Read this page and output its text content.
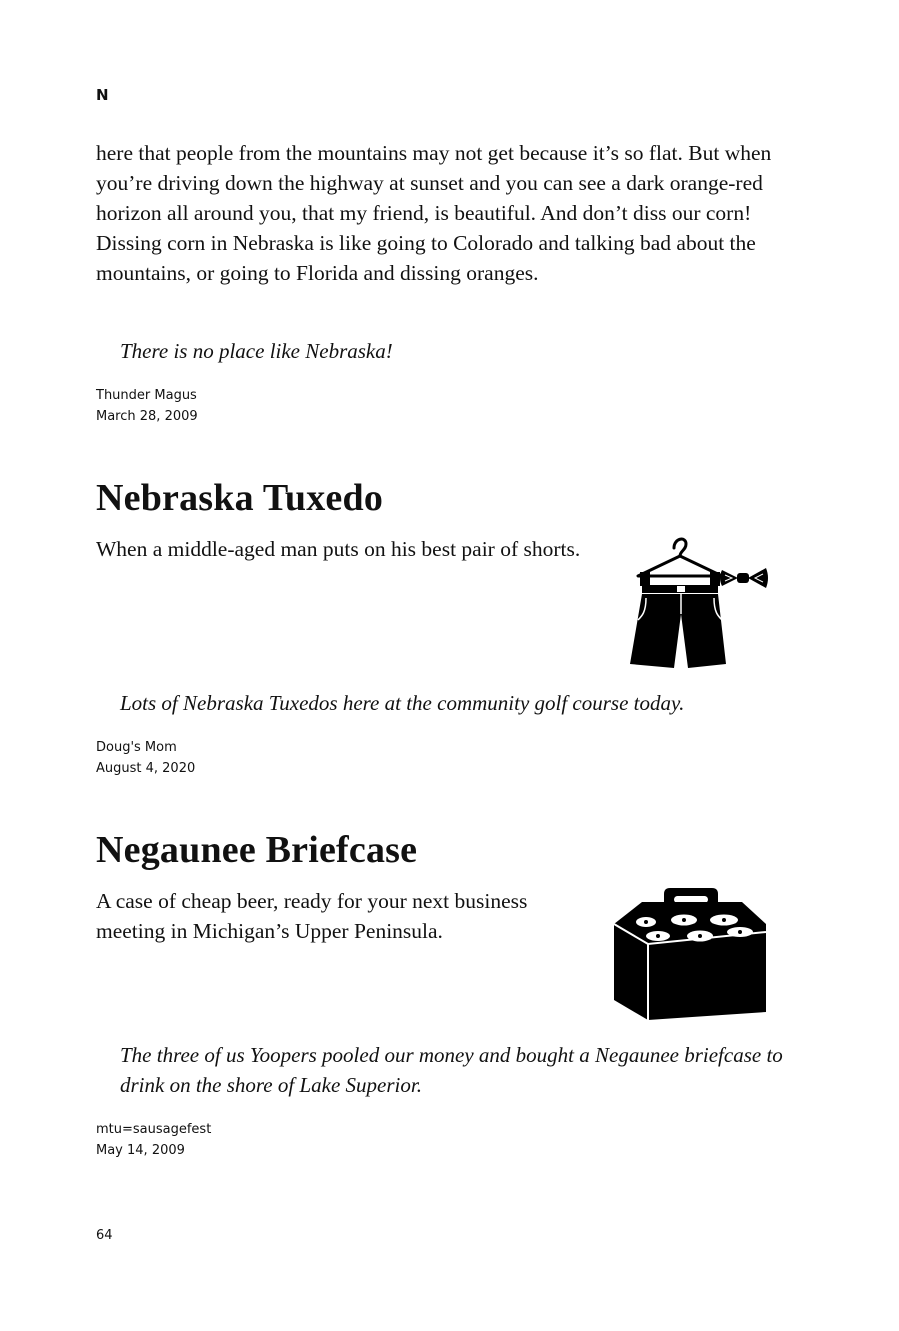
N

here that people from the mountains may not get because it’s so flat. But when you’re driving down the highway at sunset and you can see a dark orange-red horizon all around you, that my friend, is beautiful. And don’t diss our corn! Dissing corn in Nebraska is like going to Colorado and talking bad about the mountains, or going to Florida and dissing oranges.

There is no place like Nebraska!

Thunder Magus
March 28, 2009
Nebraska Tuxedo

When a middle-aged man puts on his best pair of shorts.

Lots of Nebraska Tuxedos here at the community golf course today.

Doug's Mom
August 4, 2020
Negaunee Briefcase

A case of cheap beer, ready for your next business meeting in Michigan’s Upper Peninsula.

The three of us Yoopers pooled our money and bought a Negaunee briefcase to drink on the shore of Lake Superior.

mtu=sausagefest
May 14, 2009
64
